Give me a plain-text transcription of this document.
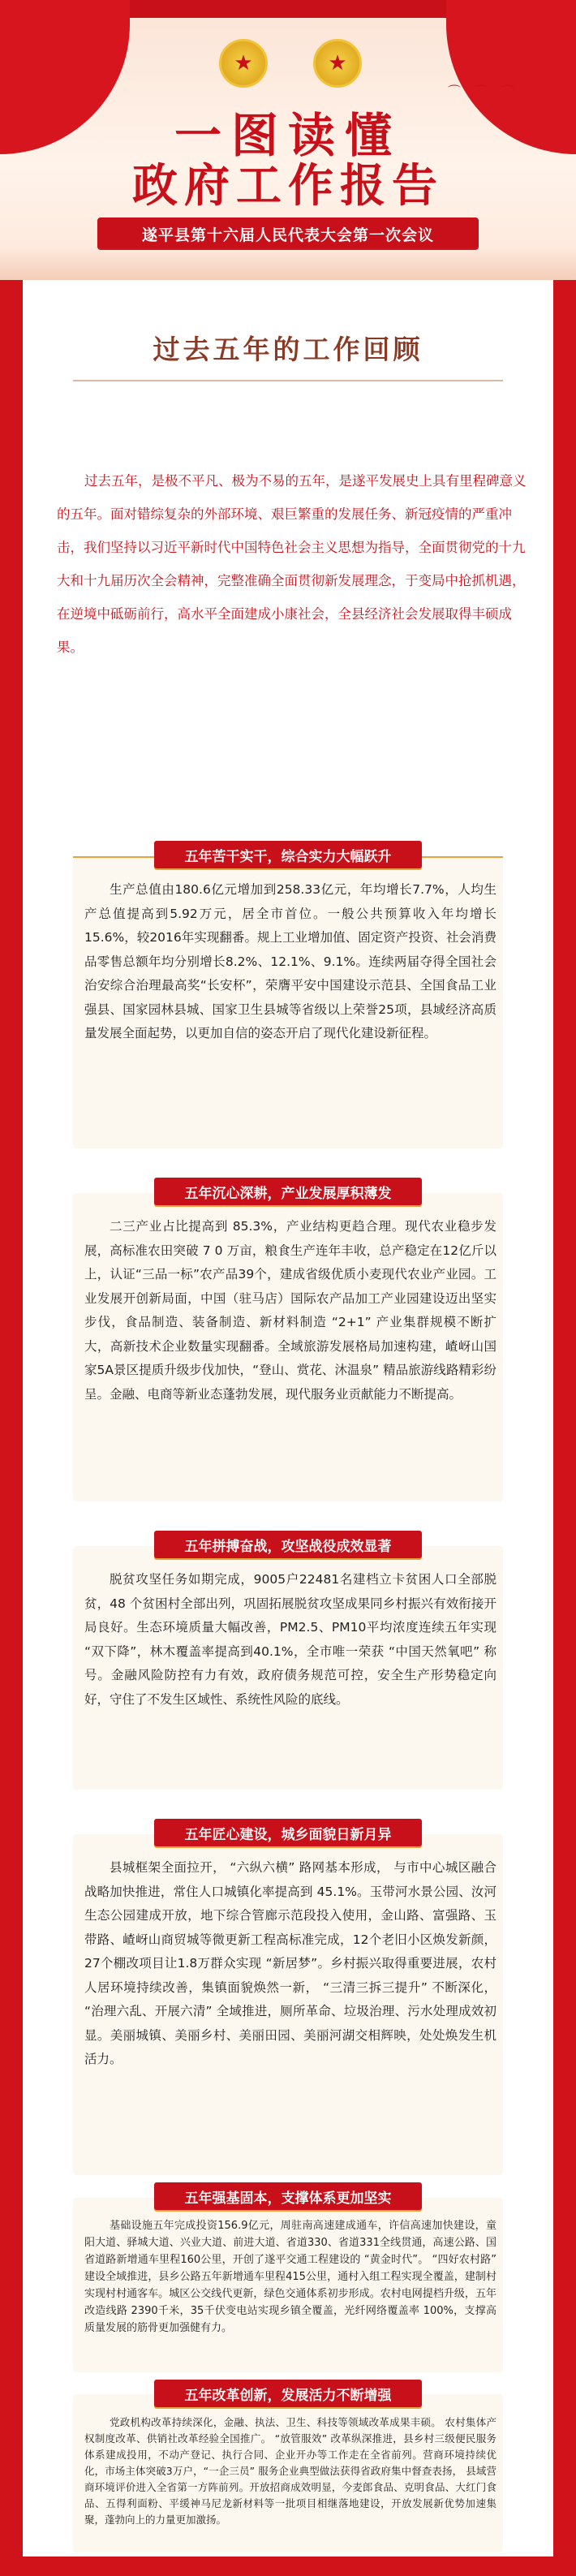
⌒ ⌒ ⌒
★	★
一图读懂
政府工作报告
遂平县第十六届人民代表大会第一次会议
过去五年的工作回顾
过去五年，是极不平凡、极为不易的五年，是遂平发展史上具有里程碑意义的五年。面对错综复杂的外部环境、艰巨繁重的发展任务、新冠疫情的严重冲击，我们坚持以习近平新时代中国特色社会主义思想为指导，全面贯彻党的十九大和十九届历次全会精神，完整准确全面贯彻新发展理念，于变局中抢抓机遇，在逆境中砥砺前行，高水平全面建成小康社会，全县经济社会发展取得丰硕成果。
五年苦干实干，综合实力大幅跃升
生产总值由180.6亿元增加到258.33亿元，年均增长7.7%，人均生产总值提高到5.92万元，居全市首位。一般公共预算收入年均增长15.6%，较2016年实现翻番。规上工业增加值、固定资产投资、社会消费品零售总额年均分别增长8.2%、12.1%、9.1%。连续两届夺得全国社会治安综合治理最高奖“长安杯”，荣膺平安中国建设示范县、全国食品工业强县、国家园林县城、国家卫生县城等省级以上荣誉25项，县域经济高质量发展全面起势，以更加自信的姿态开启了现代化建设新征程。
五年沉心深耕，产业发展厚积薄发
二三产业占比提高到 85.3%，产业结构更趋合理。现代农业稳步发展，高标准农田突破 7 0 万亩，粮食生产连年丰收，总产稳定在12亿斤以上，认证“三品一标”农产品39个，建成省级优质小麦现代农业产业园。工业发展开创新局面，中国（驻马店）国际农产品加工产业园建设迈出坚实步伐，食品制造、装备制造、新材料制造 “2+1” 产业集群规模不断扩大，高新技术企业数量实现翻番。全域旅游发展格局加速构建，嵖岈山国家5A景区提质升级步伐加快，“登山、赏花、沐温泉” 精品旅游线路精彩纷呈。金融、电商等新业态蓬勃发展，现代服务业贡献能力不断提高。
五年拼搏奋战，攻坚战役成效显著
脱贫攻坚任务如期完成，9005户22481名建档立卡贫困人口全部脱贫，48 个贫困村全部出列，巩固拓展脱贫攻坚成果同乡村振兴有效衔接开局良好。生态环境质量大幅改善，PM2.5、PM10平均浓度连续五年实现 “双下降”，林木覆盖率提高到40.1%，全市唯一荣获 “中国天然氧吧” 称号。金融风险防控有力有效，政府债务规范可控，安全生产形势稳定向好，守住了不发生区域性、系统性风险的底线。
五年匠心建设，城乡面貌日新月异
县城框架全面拉开， “六纵六横” 路网基本形成， 与市中心城区融合战略加快推进，常住人口城镇化率提高到 45.1%。玉带河水景公园、汝河生态公园建成开放，地下综合管廊示范段投入使用，金山路、富强路、玉带路、嵖岈山商贸城等微更新工程高标准完成，12个老旧小区焕发新颜，27个棚改项目让1.8万群众实现 “新居梦”。乡村振兴取得重要进展，农村人居环境持续改善，集镇面貌焕然一新， “三清三拆三提升” 不断深化， “治理六乱、开展六清” 全域推进，厕所革命、垃圾治理、污水处理成效初显。美丽城镇、美丽乡村、美丽田园、美丽河湖交相辉映，处处焕发生机活力。
五年强基固本，支撑体系更加坚实
基础设施五年完成投资156.9亿元，周驻南高速建成通车，许信高速加快建设，童阳大道、驿城大道、兴业大道、前进大道、省道330、省道331全线贯通，高速公路、国省道路新增通车里程160公里，开创了遂平交通工程建设的 “黄金时代”。 “四好农村路” 建设全域推进，县乡公路五年新增通车里程415公里，通村入组工程实现全覆盖，建制村实现村村通客车。城区公交线代更新，绿色交通体系初步形成。农村电网提档升级，五年改造线路 2390千米，35千伏变电站实现乡镇全覆盖，光纤网络覆盖率 100%，支撑高质量发展的筋骨更加强健有力。
五年改革创新，发展活力不断增强
党政机构改革持续深化，金融、执法、卫生、科技等领域改革成果丰硕。 农村集体产权制度改革、供销社改革经验全国推广。 “放管服效” 改革纵深推进，县乡村三级便民服务体系建成投用，不动产登记、执行合同、企业开办等工作走在全省前列。营商环境持续优化，市场主体突破3万户，“一企三员” 服务企业典型做法获得省政府集中督查表扬， 县域营商环境评价进入全省第一方阵前列。开放招商成效明显，今麦郎食品、克明食品、大红门食品、五得利面粉、平缓神马尼龙新材料等一批项目相继落地建设，开放发展新优势加速集聚，蓬勃向上的力量更加激扬。
